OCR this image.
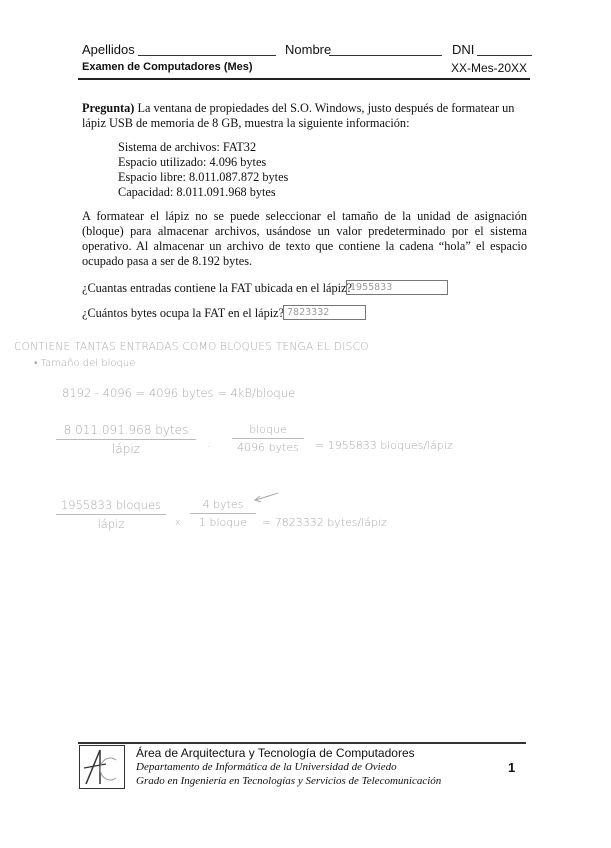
Apellidos	Nombre	DNI
Examen de Computadores (Mes)	XX-Mes-20XX
Pregunta) La ventana de propiedades del S.O. Windows, justo después de formatear un lápiz USB de memoria de 8 GB, muestra la siguiente información:
Sistema de archivos: FAT32
Espacio utilizado: 4.096 bytes
Espacio libre: 8.011.087.872 bytes
Capacidad: 8.011.091.968 bytes
A formatear el lápiz no se puede seleccionar el tamaño de la unidad de asignación (bloque) para almacenar archivos, usándose un valor predeterminado por el sistema operativo. Al almacenar un archivo de texto que contiene la cadena “hola” el espacio ocupado pasa a ser de 8.192 bytes.
¿Cuantas entradas contiene la FAT ubicada en el lápiz?
1955833
¿Cuántos bytes ocupa la FAT en el lápiz? 7823332
CONTIENE TANTAS ENTRADAS COMO BLOQUES TENGA EL DISCO
• Tamaño del bloque
8192 - 4096 = 4096 bytes = 4kB/bloque
8.011.091.968 bytes
lápiz	·
bloque
4096 bytes	= 1955833 bloques/lápiz
1955833 bloques
lápiz	x
4 bytes
1 bloque	= 7823332 bytes/lápiz
Área de Arquitectura y Tecnología de Computadores
Departamento de Informática de la Universidad de Oviedo
Grado en Ingeniería en Tecnologías y Servicios de Telecomunicación
1
